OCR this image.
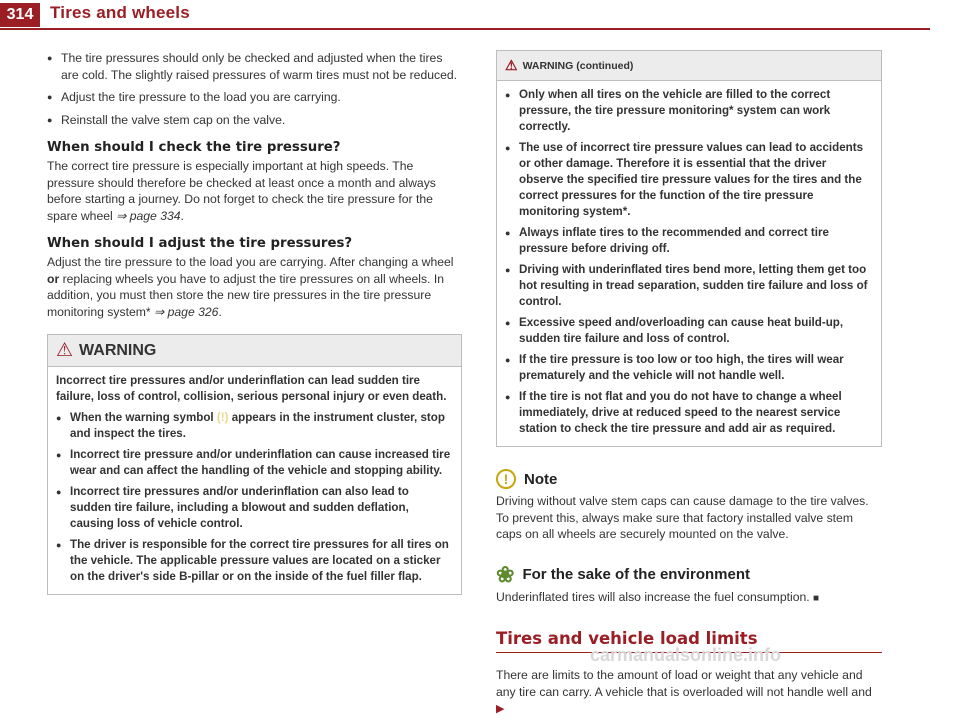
314 Tires and wheels
● The tire pressures should only be checked and adjusted when the tires are cold. The slightly raised pressures of warm tires must not be reduced.
● Adjust the tire pressure to the load you are carrying.
● Reinstall the valve stem cap on the valve.
When should I check the tire pressure?

The correct tire pressure is especially important at high speeds. The pressure should therefore be checked at least once a month and always before starting a journey. Do not forget to check the tire pressure for the spare wheel ⇒ page 334.

When should I adjust the tire pressures?

Adjust the tire pressure to the load you are carrying. After changing a wheel or replacing wheels you have to adjust the tire pressures on all wheels. In addition, you must then store the new tire pressures in the tire pressure monitoring system* ⇒ page 326.

⚠ WARNING

Incorrect tire pressures and/or underinflation can lead sudden tire failure, loss of control, collision, serious personal injury or even death.

● When the warning symbol (!) appears in the instrument cluster, stop and inspect the tires.
● Incorrect tire pressure and/or underinflation can cause increased tire wear and can affect the handling of the vehicle and stopping ability.
● Incorrect tire pressures and/or underinflation can also lead to sudden tire failure, including a blowout and sudden deflation, causing loss of vehicle control.
● The driver is responsible for the correct tire pressures for all tires on the vehicle. The applicable pressure values are located on a sticker on the driver's side B-pillar or on the inside of the fuel filler flap.
⚠ WARNING (continued)
● Only when all tires on the vehicle are filled to the correct pressure, the tire pressure monitoring* system can work correctly.
● The use of incorrect tire pressure values can lead to accidents or other damage. Therefore it is essential that the driver observe the specified tire pressure values for the tires and the correct pressures for the function of the tire pressure monitoring system*.
● Always inflate tires to the recommended and correct tire pressure before driving off.
● Driving with underinflated tires bend more, letting them get too hot resulting in tread separation, sudden tire failure and loss of control.
● Excessive speed and/overloading can cause heat build-up, sudden tire failure and loss of control.
● If the tire pressure is too low or too high, the tires will wear prematurely and the vehicle will not handle well.
● If the tire is not flat and you do not have to change a wheel immediately, drive at reduced speed to the nearest service station to check the tire pressure and add air as required.
!	Note

Driving without valve stem caps can cause damage to the tire valves. To prevent this, always make sure that factory installed valve stem caps on all wheels are securely mounted on the valve.

❀ For the sake of the environment

Underinflated tires will also increase the fuel consumption. ■

Tires and vehicle load limits

There are limits to the amount of load or weight that any vehicle and any tire can carry. A vehicle that is overloaded will not handle well and ▶

carmanualsonline.info
